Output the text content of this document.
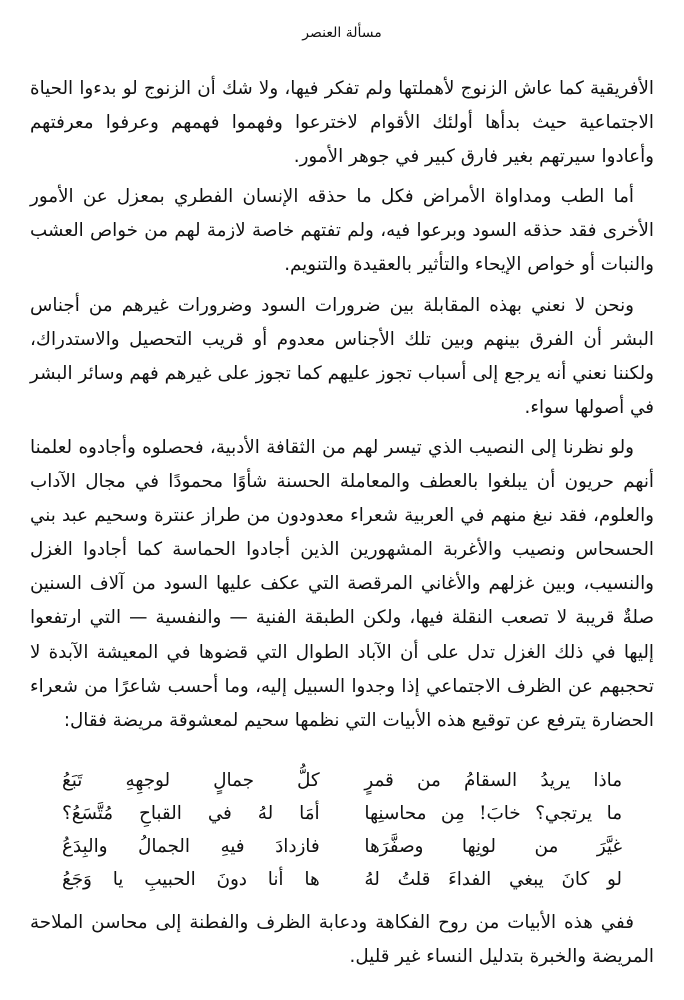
مسألة العنصر

الأفريقية كما عاش الزنوج لأهملتها ولم تفكر فيها، ولا شك أن الزنوج لو بدءوا الحياة الاجتماعية حيث بدأها أولئك الأقوام لاخترعوا وفهموا فهمهم وعرفوا معرفتهم وأعادوا سيرتهم بغير فارق كبير في جوهر الأمور.

أما الطب ومداواة الأمراض فكل ما حذقه الإنسان الفطري بمعزل عن الأمور الأخرى فقد حذقه السود وبرعوا فيه، ولم تفتهم خاصة لازمة لهم من خواص العشب والنبات أو خواص الإيحاء والتأثير بالعقيدة والتنويم.

ونحن لا نعني بهذه المقابلة بين ضرورات السود وضرورات غيرهم من أجناس البشر أن الفرق بينهم وبين تلك الأجناس معدوم أو قريب التحصيل والاستدراك، ولكننا نعني أنه يرجع إلى أسباب تجوز عليهم كما تجوز على غيرهم فهم وسائر البشر في أصولها سواء.

ولو نظرنا إلى النصيب الذي تيسر لهم من الثقافة الأدبية، فحصلوه وأجادوه لعلمنا أنهم حريون أن يبلغوا بالعطف والمعاملة الحسنة شأوًا محمودًا في مجال الآداب والعلوم، فقد نبغ منهم في العربية شعراء معدودون من طراز عنترة وسحيم عبد بني الحسحاس ونصيب والأغربة المشهورين الذين أجادوا الحماسة كما أجادوا الغزل والنسيب، وبين غزلهم والأغاني المرقصة التي عكف عليها السود من آلاف السنين صلةٌ قريبة لا تصعب النقلة فيها، ولكن الطبقة الفنية — والنفسية — التي ارتفعوا إليها في ذلك الغزل تدل على أن الآباد الطوال التي قضوها في المعيشة الآبدة لا تحجبهم عن الظرف الاجتماعي إذا وجدوا السبيل إليه، وما أحسب شاعرًا من شعراء الحضارة يترفع عن توقيع هذه الأبيات التي نظمها سحيم لمعشوقة مريضة فقال:

ماذا يريدُ السقامُ من قمرٍ
كلُّ جمالٍ لوجهِهِ تَبَعُ
ما يرتجي؟ خابَ! مِن محاسنِها
أمَا لهُ في القباحِ مُتَّسَعُ؟
غيَّرَ من لونِها وصفَّرَها
فازدادَ فيهِ الجمالُ والبِدَعُ
لو كانَ يبغي الفداءَ قلتُ لهُ
ها أنا دونَ الحبيبِ يا وَجَعُ

ففي هذه الأبيات من روح الفكاهة ودعابة الظرف والفطنة إلى محاسن الملاحة المريضة والخبرة بتدليل النساء غير قليل.
